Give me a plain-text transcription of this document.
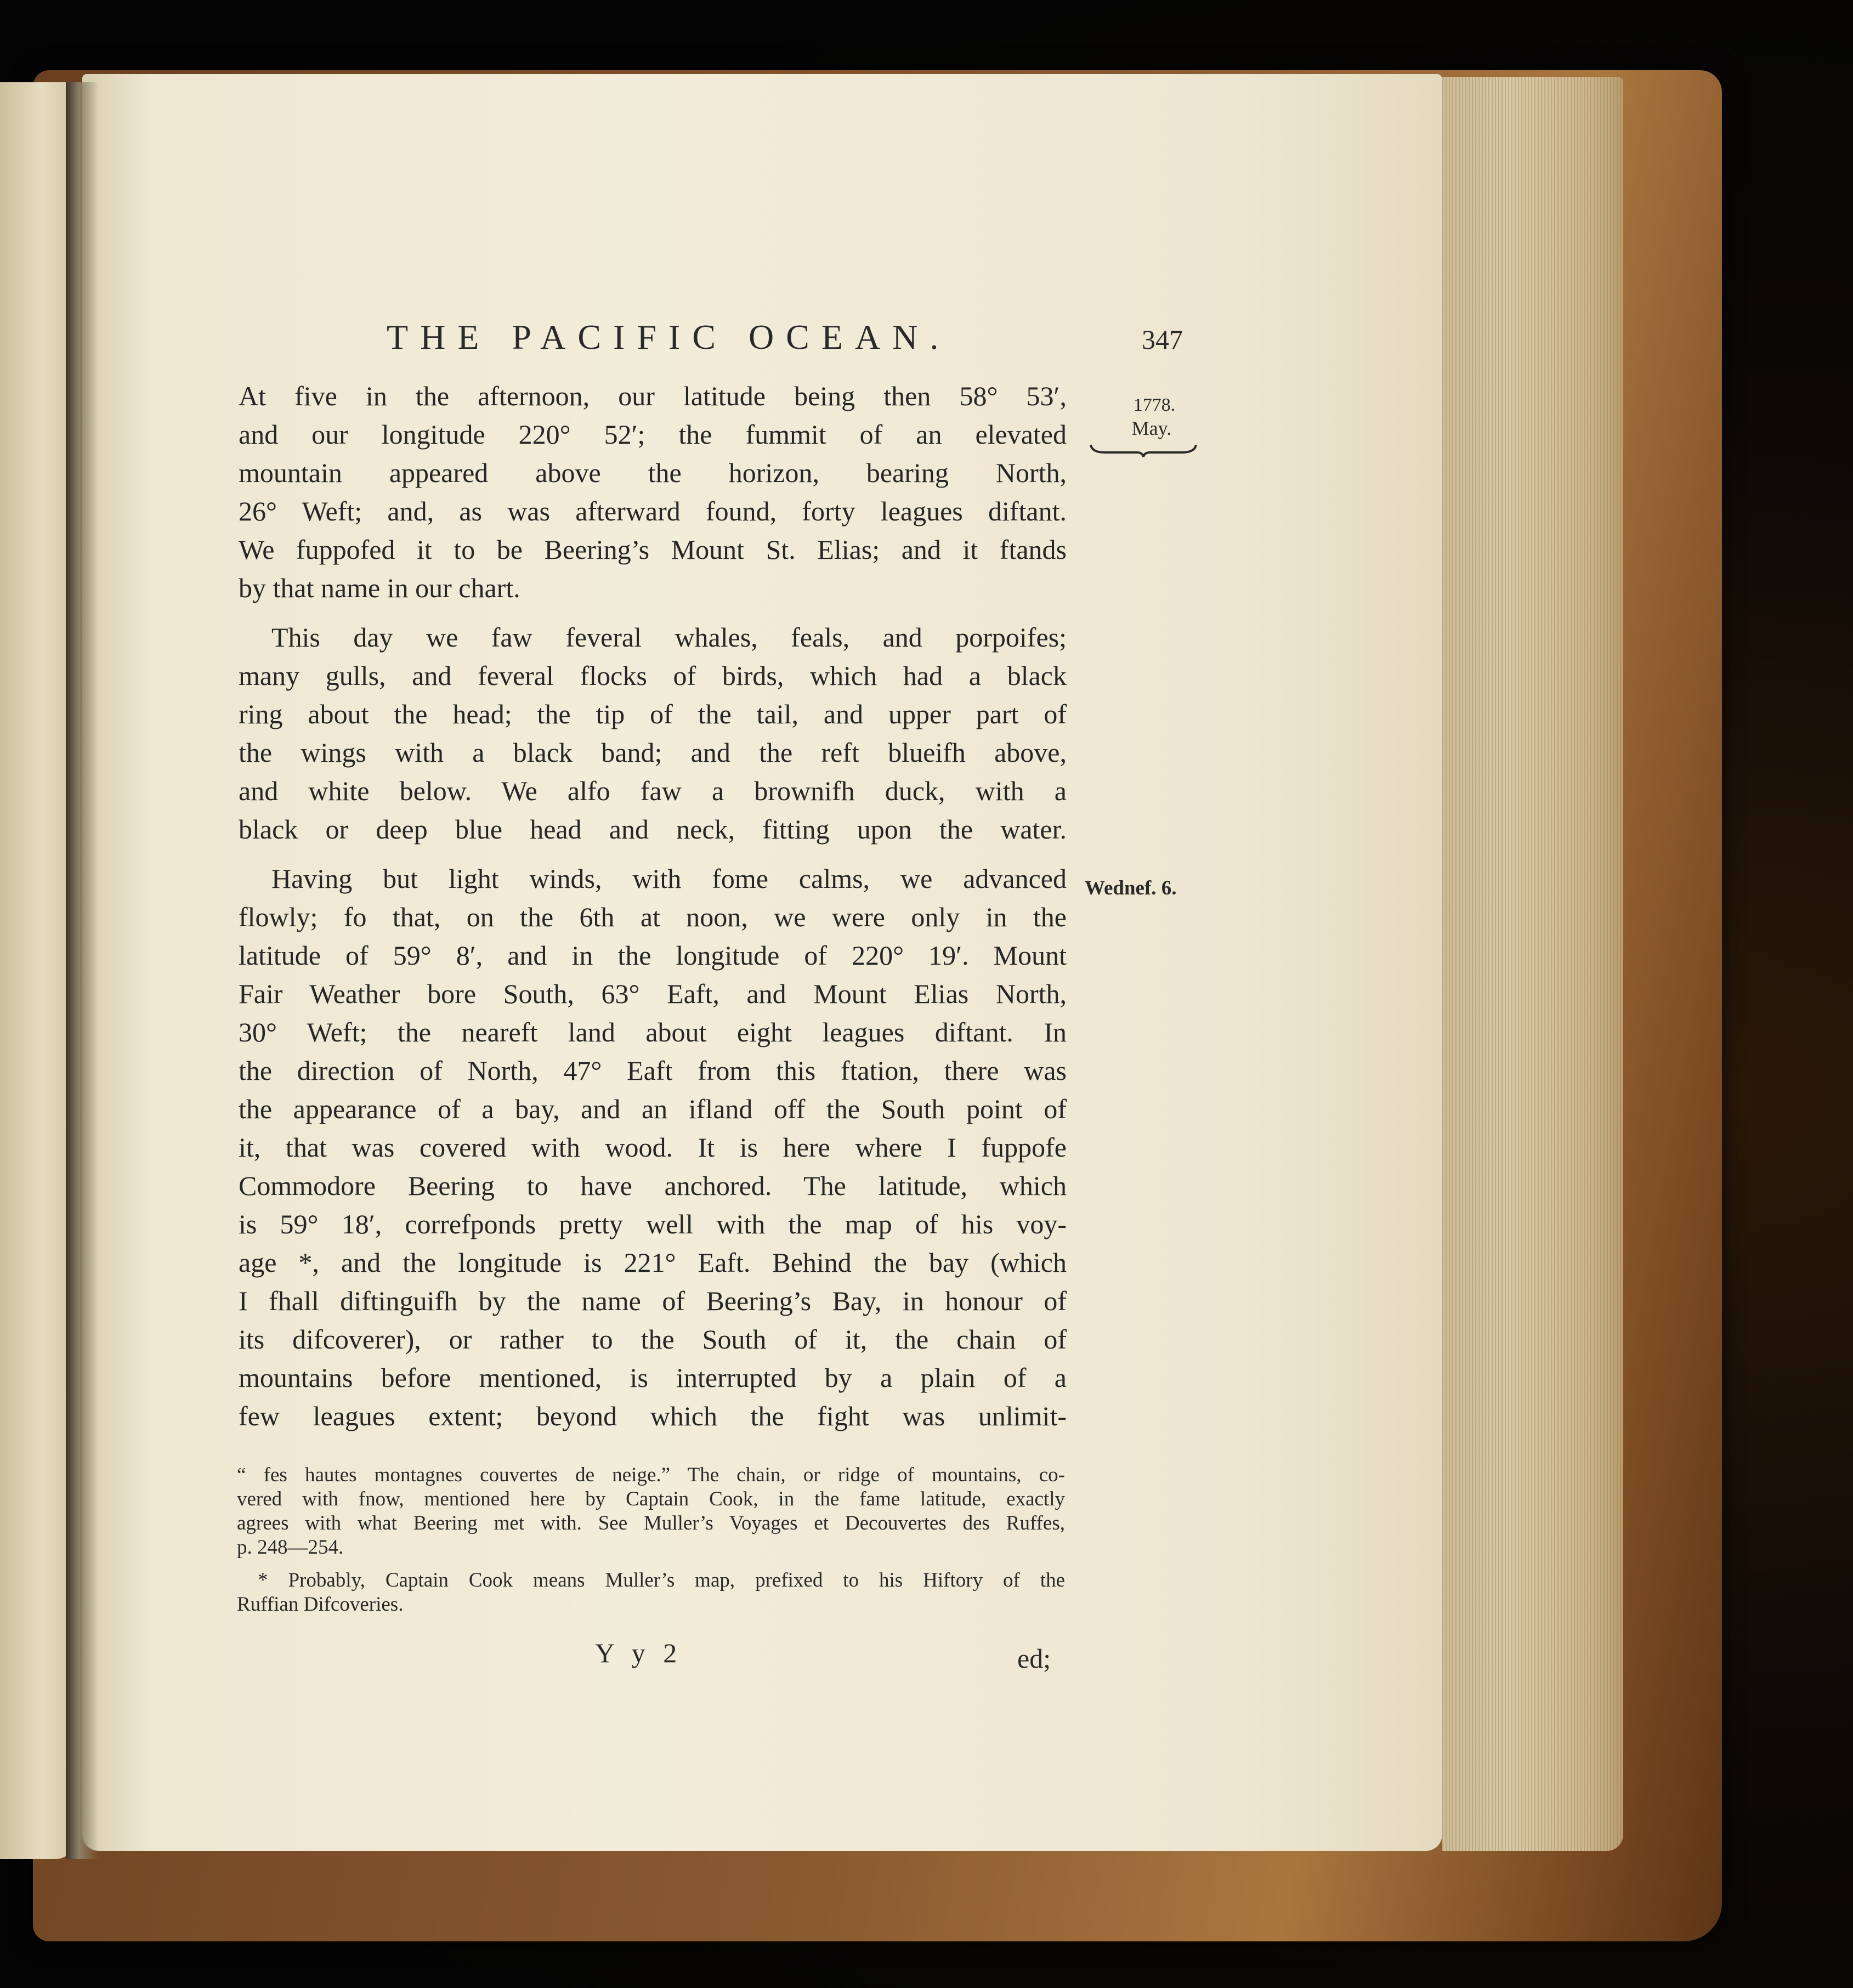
THE PACIFIC OCEAN.	347
1778.
May.
Wednef. 6.
At five in the afternoon, our latitude being then 58° 53′,
and our longitude 220° 52′; the fummit of an elevated
mountain appeared above the horizon, bearing North,
26° Weft; and, as was afterward found, forty leagues diftant.
We fuppofed it to be Beering’s Mount St. Elias; and it ftands
by that name in our chart.
This day we faw feveral whales, feals, and porpoifes;
many gulls, and feveral flocks of birds, which had a black
ring about the head; the tip of the tail, and upper part of
the wings with a black band; and the reft blueifh above,
and white below. We alfo faw a brownifh duck, with a
black or deep blue head and neck, fitting upon the water.
Having but light winds, with fome calms, we advanced
flowly; fo that, on the 6th at noon, we were only in the
latitude of 59° 8′, and in the longitude of 220° 19′. Mount
Fair Weather bore South, 63° Eaft, and Mount Elias North,
30° Weft; the neareft land about eight leagues diftant. In
the direction of North, 47° Eaft from this ftation, there was
the appearance of a bay, and an ifland off the South point of
it, that was covered with wood. It is here where I fuppofe
Commodore Beering to have anchored. The latitude, which
is 59° 18′, correfponds pretty well with the map of his voy-
age *, and the longitude is 221° Eaft. Behind the bay (which
I fhall diftinguifh by the name of Beering’s Bay, in honour of
its difcoverer), or rather to the South of it, the chain of
mountains before mentioned, is interrupted by a plain of a
few leagues extent; beyond which the fight was unlimit-
“ fes hautes montagnes couvertes de neige.” The chain, or ridge of mountains, co-
vered with fnow, mentioned here by Captain Cook, in the fame latitude, exactly
agrees with what Beering met with. See Muller’s Voyages et Decouvertes des Ruffes,
p. 248—254.
* Probably, Captain Cook means Muller’s map, prefixed to his Hiftory of the
Ruffian Difcoveries.
Y y 2	ed;
